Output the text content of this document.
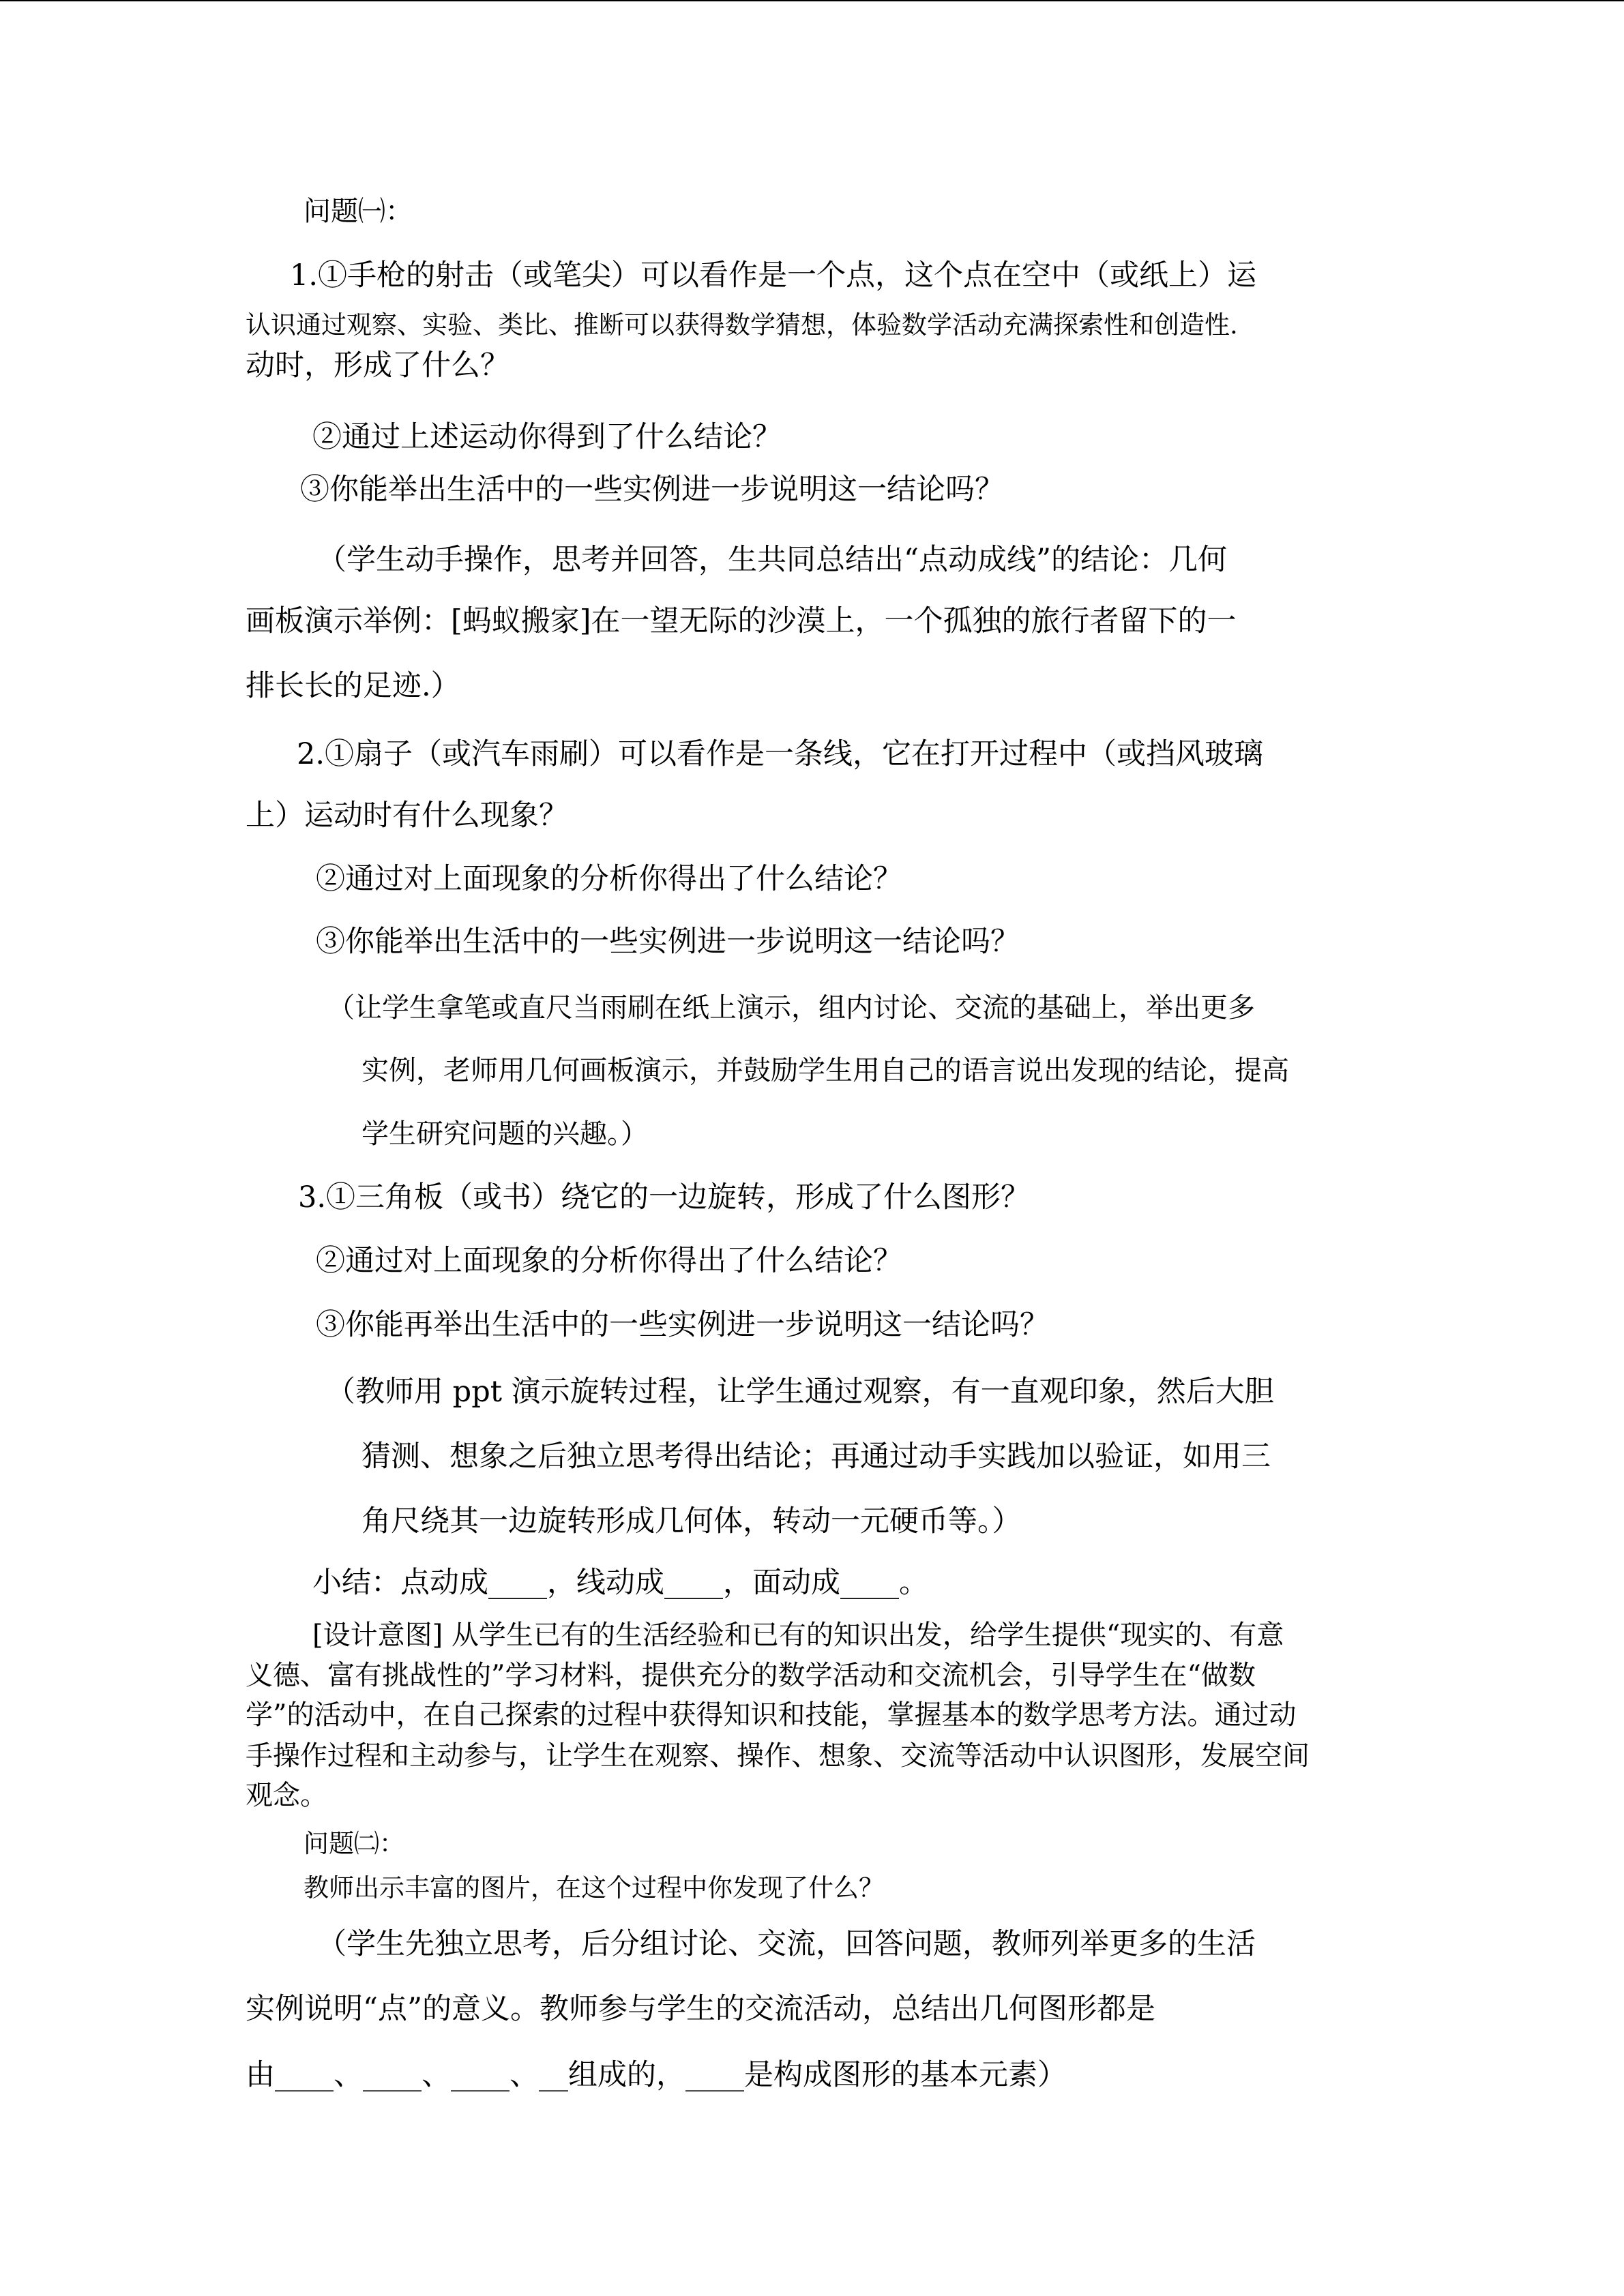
问题㈠：
1.①手枪的射击（或笔尖）可以看作是一个点，这个点在空中（或纸上）运
认识通过观察、实验、类比、推断可以获得数学猜想，体验数学活动充满探索性和创造性.
动时，形成了什么？
②通过上述运动你得到了什么结论？
③你能举出生活中的一些实例进一步说明这一结论吗？
（学生动手操作，思考并回答，生共同总结出“点动成线”的结论：几何
画板演示举例：[蚂蚁搬家]在一望无际的沙漠上，一个孤独的旅行者留下的一
排长长的足迹.）
2.①扇子（或汽车雨刷）可以看作是一条线，它在打开过程中（或挡风玻璃
上）运动时有什么现象？
②通过对上面现象的分析你得出了什么结论？
③你能举出生活中的一些实例进一步说明这一结论吗？
（让学生拿笔或直尺当雨刷在纸上演示，组内讨论、交流的基础上，举出更多
实例，老师用几何画板演示，并鼓励学生用自己的语言说出发现的结论，提高
学生研究问题的兴趣。）
3.①三角板（或书）绕它的一边旋转，形成了什么图形？
②通过对上面现象的分析你得出了什么结论？
③你能再举出生活中的一些实例进一步说明这一结论吗？
（教师用 ppt 演示旋转过程，让学生通过观察，有一直观印象，然后大胆
猜测、想象之后独立思考得出结论；再通过动手实践加以验证，如用三
角尺绕其一边旋转形成几何体，转动一元硬币等。）
小结：点动成____，线动成____，面动成____。
[设计意图] 从学生已有的生活经验和已有的知识出发，给学生提供“现实的、有意
义德、富有挑战性的”学习材料，提供充分的数学活动和交流机会，引导学生在“做数
学”的活动中，在自己探索的过程中获得知识和技能，掌握基本的数学思考方法。通过动
手操作过程和主动参与，让学生在观察、操作、想象、交流等活动中认识图形，发展空间
观念。
问题㈡：
教师出示丰富的图片，在这个过程中你发现了什么？
（学生先独立思考，后分组讨论、交流，回答问题，教师列举更多的生活
实例说明“点”的意义。教师参与学生的交流活动，总结出几何图形都是
由____、____、____、__组成的，____是构成图形的基本元素）
